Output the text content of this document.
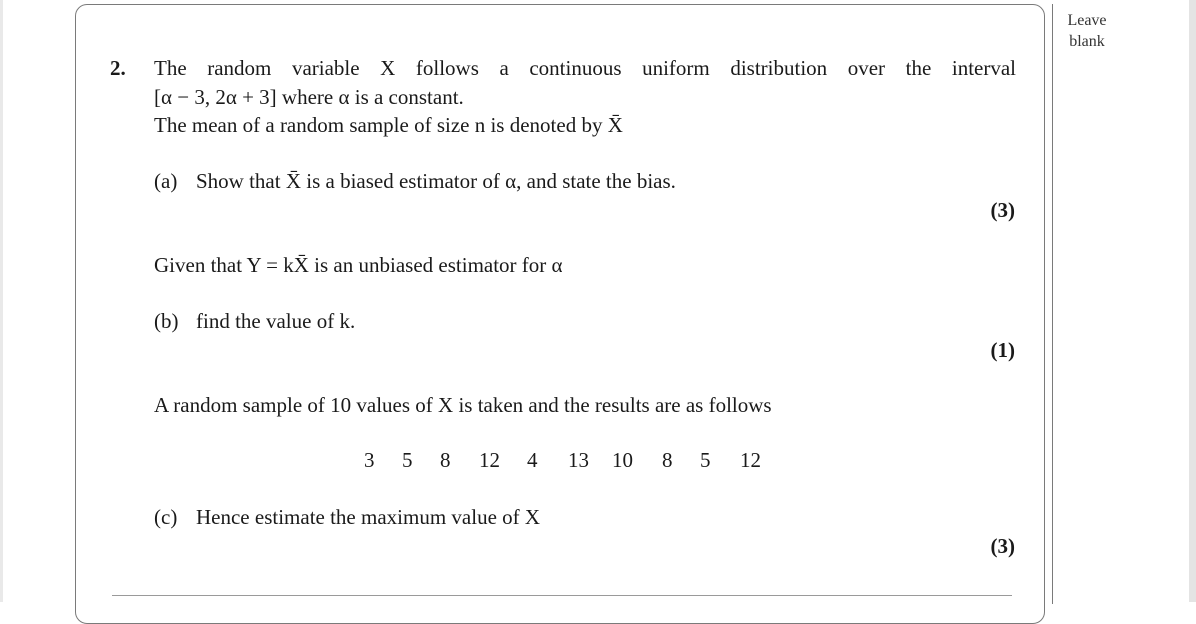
Leave blank
2. The random variable X follows a continuous uniform distribution over the interval
[α − 3, 2α + 3] where α is a constant.
The mean of a random sample of size n is denoted by X̄
(a) Show that X̄ is a biased estimator of α, and state the bias.
(3)
Given that Y = kX̄ is an unbiased estimator for α
(b) find the value of k.
(1)
A random sample of 10 values of X is taken and the results are as follows
3 5 8 12 4 13 10 8 5 12
(c) Hence estimate the maximum value of X
(3)
